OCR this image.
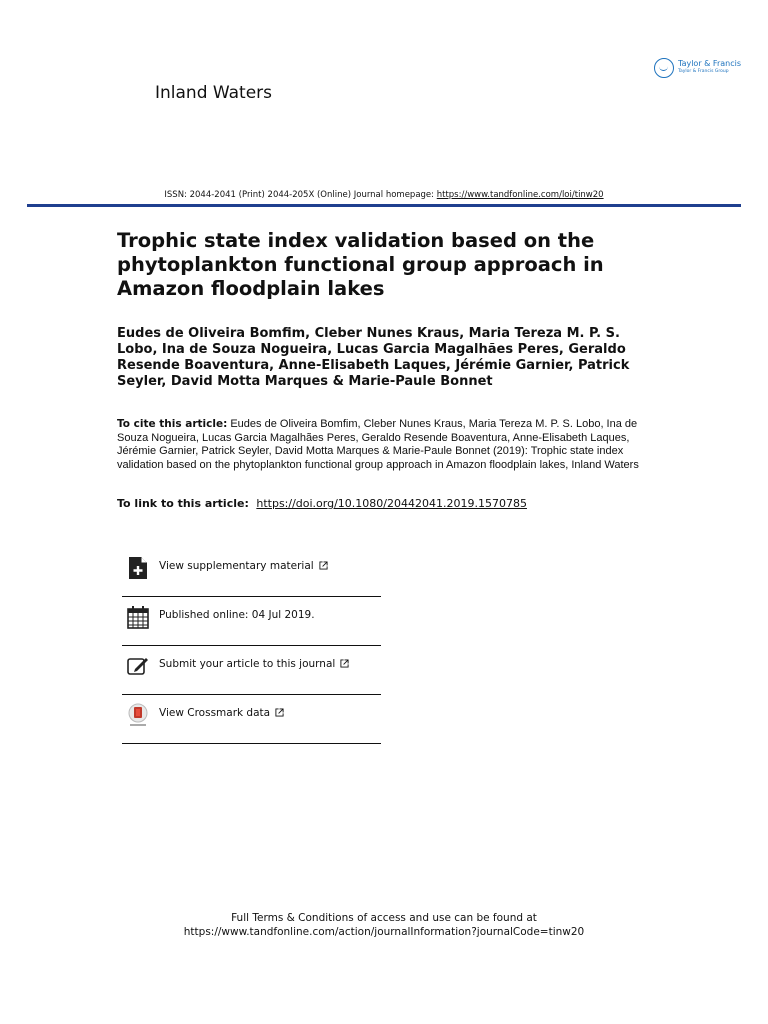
Inland Waters
Taylor & Francis
Taylor & Francis Group
ISSN: 2044-2041 (Print) 2044-205X (Online) Journal homepage: https://www.tandfonline.com/loi/tinw20
Trophic state index validation based on the phytoplankton functional group approach in Amazon floodplain lakes
Eudes de Oliveira Bomfim, Cleber Nunes Kraus, Maria Tereza M. P. S. Lobo, Ina de Souza Nogueira, Lucas Garcia Magalhães Peres, Geraldo Resende Boaventura, Anne-Elisabeth Laques, Jérémie Garnier, Patrick Seyler, David Motta Marques & Marie-Paule Bonnet
To cite this article: Eudes de Oliveira Bomfim, Cleber Nunes Kraus, Maria Tereza M. P. S. Lobo, Ina de Souza Nogueira, Lucas Garcia Magalhães Peres, Geraldo Resende Boaventura, Anne-Elisabeth Laques, Jérémie Garnier, Patrick Seyler, David Motta Marques & Marie-Paule Bonnet (2019): Trophic state index validation based on the phytoplankton functional group approach in Amazon floodplain lakes, Inland Waters
To link to this article: https://doi.org/10.1080/20442041.2019.1570785
View supplementary material
Published online: 04 Jul 2019.
Submit your article to this journal
View Crossmark data
Full Terms & Conditions of access and use can be found at
https://www.tandfonline.com/action/journalInformation?journalCode=tinw20
